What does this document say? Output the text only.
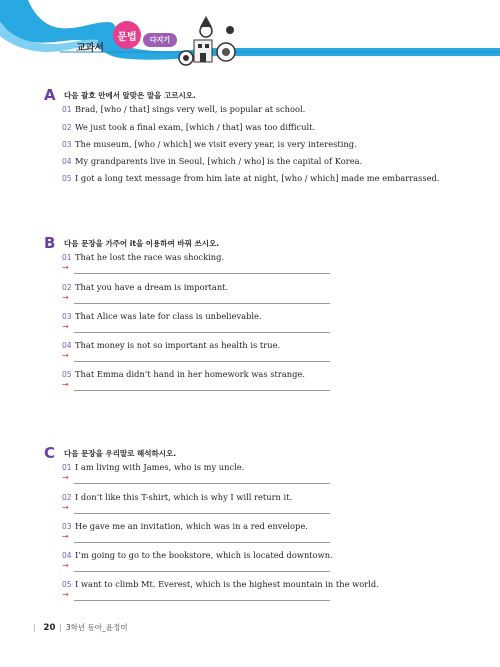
교과서
문법	다지기
A	다음 괄호 안에서 알맞은 말을 고르시오.
01 Brad, [who / that] sings very well, is popular at school.
02 We just took a final exam, [which / that] was too difficult.
03 The museum, [who / which] we visit every year, is very interesting.
04 My grandparents live in Seoul, [which / who] is the capital of Korea.
05 I got a long text message from him late at night, [who / which] made me embarrassed.
B	다음 문장을 가주어 it을 이용하여 바꿔 쓰시오.
01 That he lost the race was shocking.
→
02 That you have a dream is important.
→
03 That Alice was late for class is unbelievable.
→
04 That money is not so important as health is true.
→
05 That Emma didn’t hand in her homework was strange.
→
C	다음 문장을 우리말로 해석하시오.
01 I am living with James, who is my uncle.
→
02 I don’t like this T-shirt, which is why I will return it.
→
03 He gave me an invitation, which was in a red envelope.
→
04 I’m going to go to the bookstore, which is located downtown.
→
05 I want to climb Mt. Everest, which is the highest mountain in the world.
→
| 20 | 3학년 동아_윤정미
